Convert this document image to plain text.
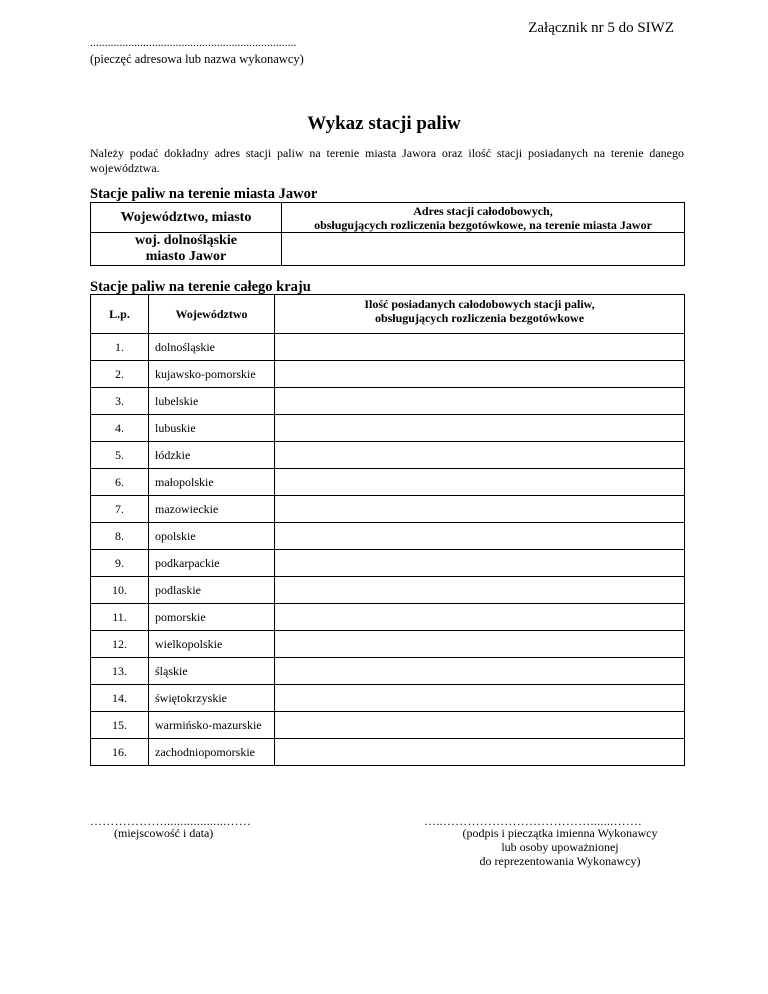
Załącznik nr 5 do SIWZ
......................................................................
(pieczęć adresowa lub nazwa wykonawcy)
Wykaz stacji paliw
Należy podać dokładny adres stacji paliw na terenie miasta Jawora oraz ilość stacji posiadanych na terenie danego województwa.
Stacje paliw na terenie miasta Jawor
Województwo, miasto	Adres stacji całodobowych,
obsługujących rozliczenia bezgotówkowe, na terenie miasta Jawor

woj. dolnośląskie
miasto Jawor	

Stacje paliw na terenie całego kraju
L.p.	Województwo	Ilość posiadanych całodobowych stacji paliw,
obsługujących rozliczenia bezgotówkowe

1.	dolnośląskie	
2.	kujawsko-pomorskie	
3.	lubelskie	
4.	lubuskie	
5.	łódzkie	
6.	małopolskie	
7.	mazowieckie	
8.	opolskie	
9.	podkarpackie	
10.	podlaskie	
11.	pomorskie	
12.	wielkopolskie	
13.	śląskie	
14.	świętokrzyskie	
15.	warmińsko-mazurskie	
16.	zachodniopomorskie	
………………...................……
(miejscowość i data)
…..……………………………….......…….
(podpis i pieczątka imienna Wykonawcy
lub osoby upoważnionej
do reprezentowania Wykonawcy)
